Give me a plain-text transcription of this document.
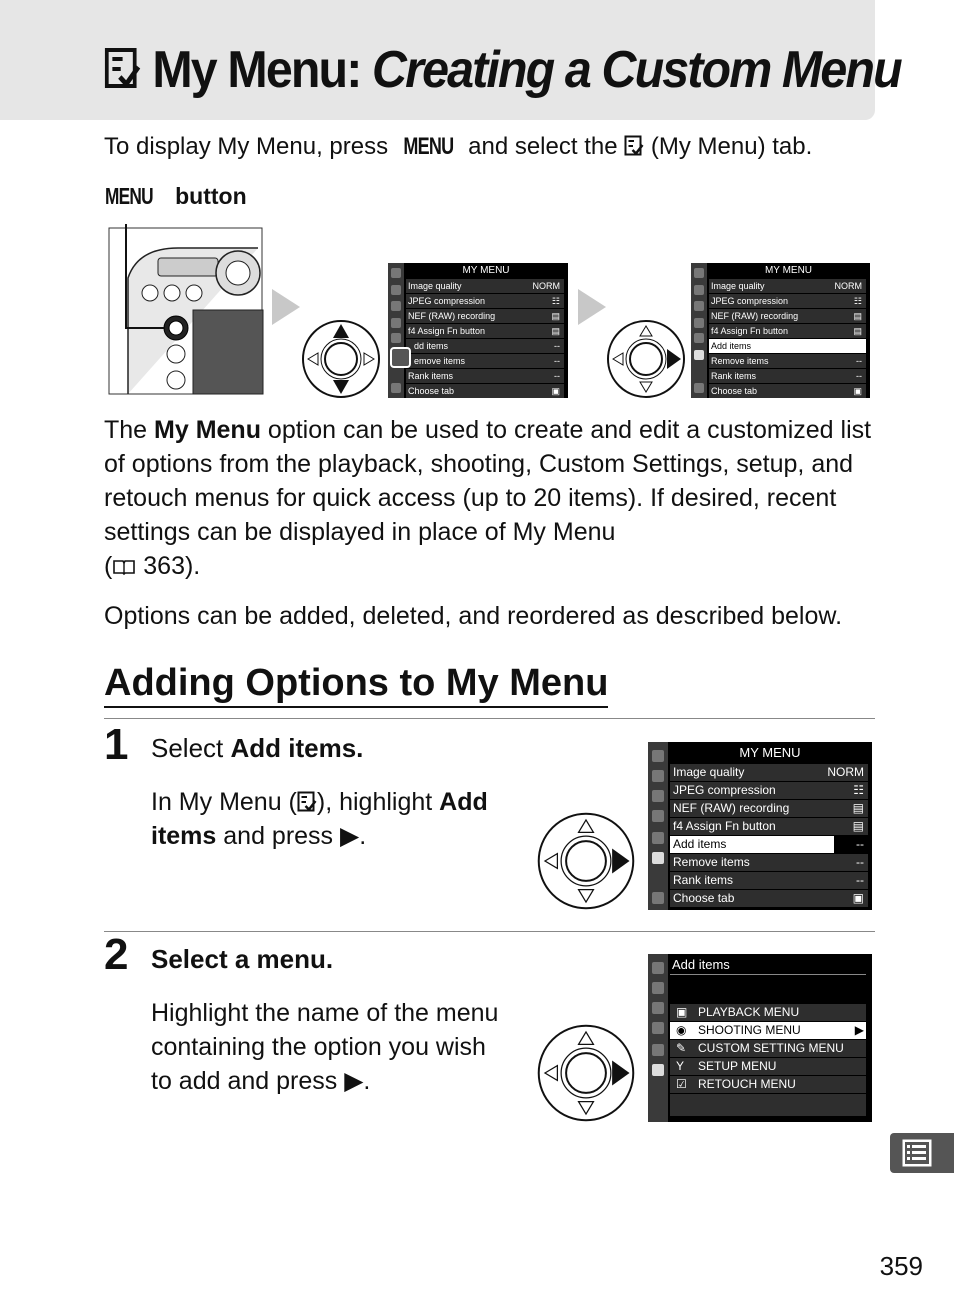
My Menu: Creating a Custom Menu
To display My Menu, press MENU and select the  (My Menu) tab.
MENU button
MY MENU
Image quality	NORM
JPEG compression	☷
NEF (RAW) recording	▤
f4 Assign Fn button	▤
dd items	--
emove items	--
Rank items	--
Choose tab	▣
MY MENU
Image quality	NORM
JPEG compression	☷
NEF (RAW) recording	▤
f4 Assign Fn button	▤
Add items
Remove items	--
Rank items	--
Choose tab	▣
The My Menu option can be used to create and edit a customized list of options from the playback, shooting, Custom Settings, setup, and retouch menus for quick access (up to 20 items). If desired, recent settings can be displayed in place of My Menu
( 363).
Options can be added, deleted, and reordered as described below.
Adding Options to My Menu
1 Select Add items.
In My Menu ( ), highlight Add items and press ▶.
MY MENU
Image quality	NORM
JPEG compression	☷
NEF (RAW) recording	▤
f4 Assign Fn button	▤
Add items	--
Remove items	--
Rank items	--
Choose tab	▣
2 Select a menu.
Highlight the name of the menu containing the option you wish to add and press ▶.
Add items
▣ PLAYBACK MENU
◉ SHOOTING MENU	▶
✎ CUSTOM SETTING MENU
Y SETUP MENU
☑ RETOUCH MENU
359
